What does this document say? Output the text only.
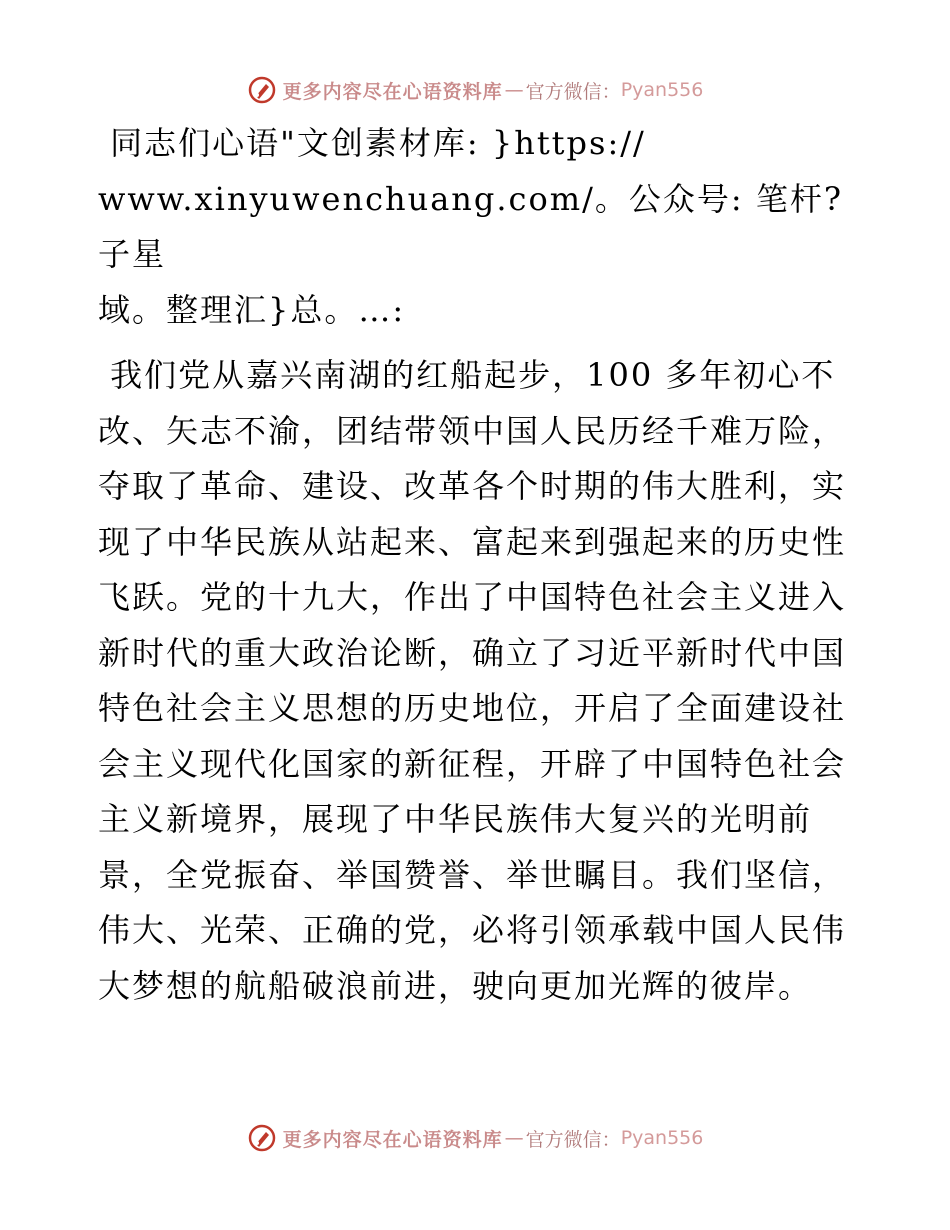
更多内容尽在心语资料库 — 官方微信： Pyan556

同志们心语"文创素材库: }https://
www.xinyuwenchuang.com/。公众号: 笔杆?子星
域。整理汇}总。…:

我们党从嘉兴南湖的红船起步，100 多年初心不
改、矢志不渝，团结带领中国人民历经千难万险，
夺取了革命、建设、改革各个时期的伟大胜利，实
现了中华民族从站起来、富起来到强起来的历史性
飞跃。党的十九大，作出了中国特色社会主义进入
新时代的重大政治论断，确立了习近平新时代中国
特色社会主义思想的历史地位，开启了全面建设社
会主义现代化国家的新征程，开辟了中国特色社会
主义新境界，展现了中华民族伟大复兴的光明前
景，全党振奋、举国赞誉、举世瞩目。我们坚信，
伟大、光荣、正确的党，必将引领承载中国人民伟
大梦想的航船破浪前进，驶向更加光辉的彼岸。

更多内容尽在心语资料库 — 官方微信： Pyan556
